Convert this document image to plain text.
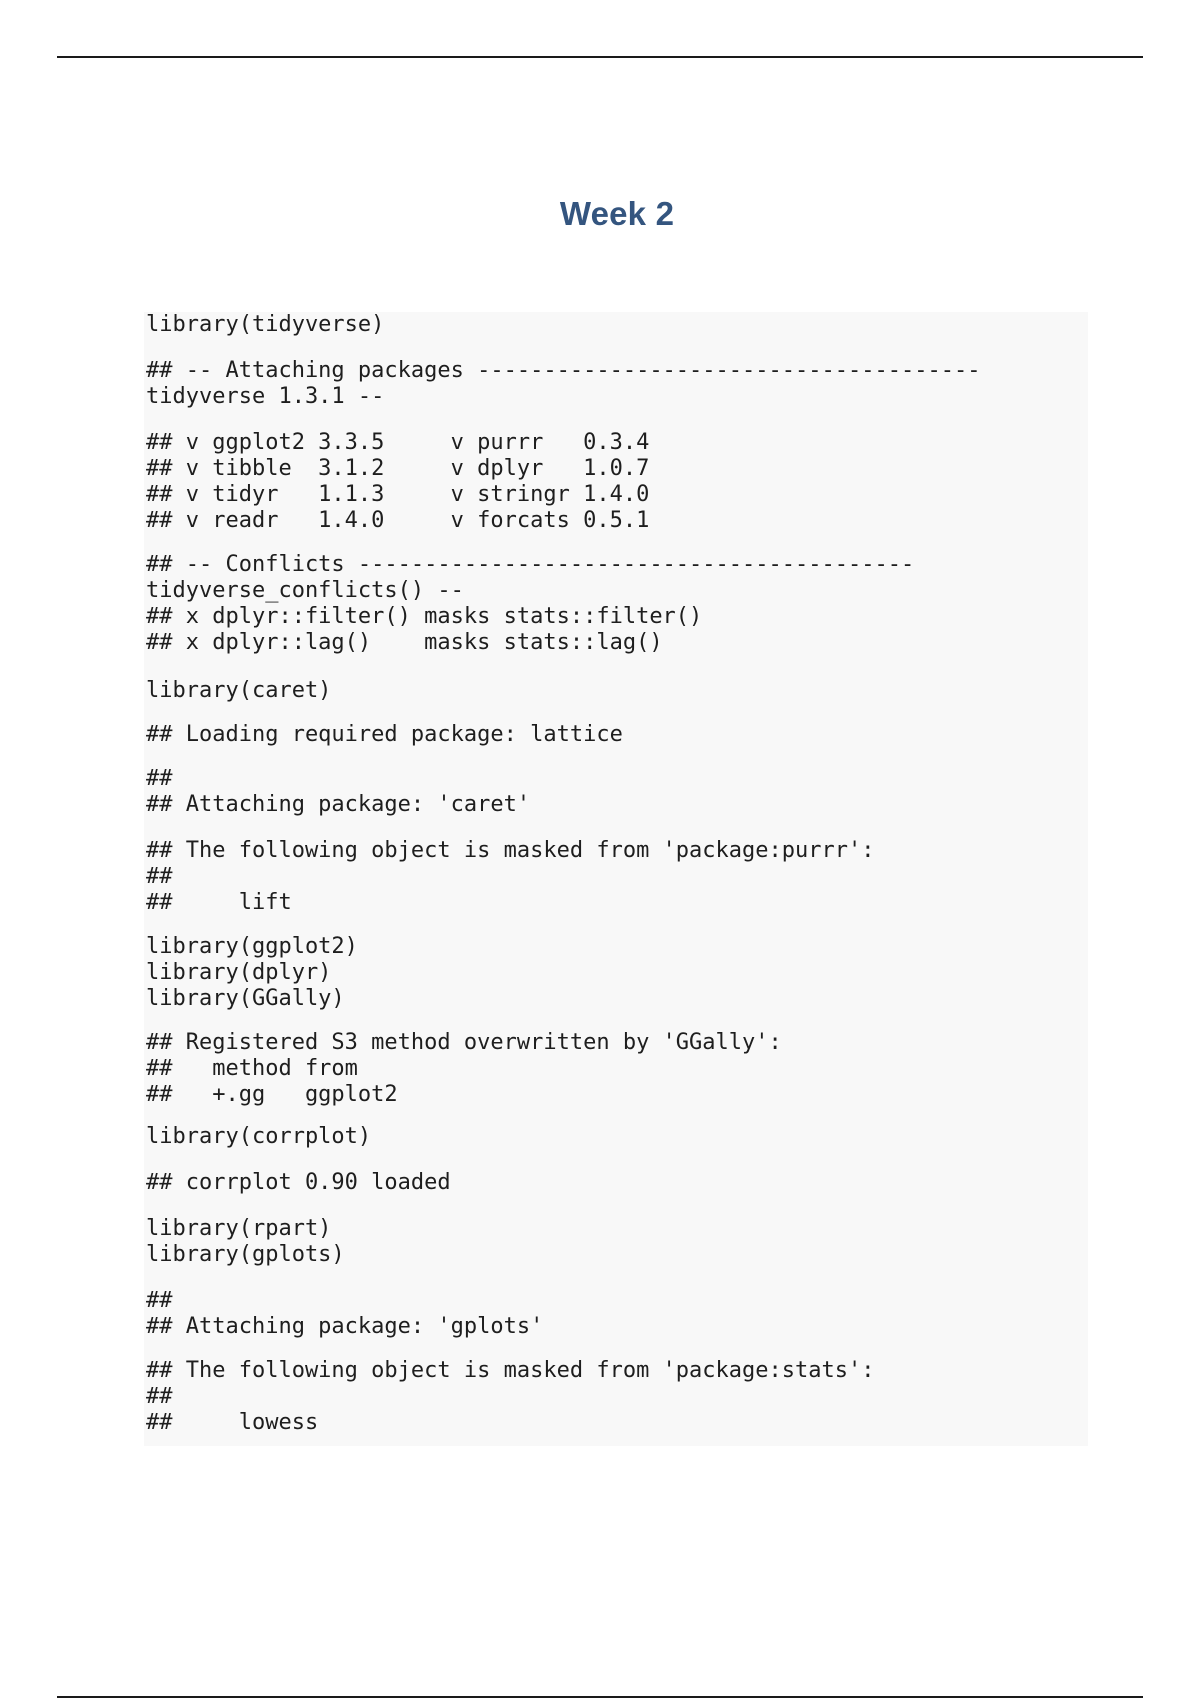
Week 2
library(tidyverse)
## -- Attaching packages --------------------------------------
tidyverse 1.3.1 --
## v ggplot2 3.3.5     v purrr   0.3.4
## v tibble  3.1.2     v dplyr   1.0.7
## v tidyr   1.1.3     v stringr 1.4.0
## v readr   1.4.0     v forcats 0.5.1
## -- Conflicts ------------------------------------------
tidyverse_conflicts() --
## x dplyr::filter() masks stats::filter()
## x dplyr::lag()    masks stats::lag()
library(caret)
## Loading required package: lattice
##
## Attaching package: 'caret'
## The following object is masked from 'package:purrr':
##
##     lift
library(ggplot2)
library(dplyr)
library(GGally)
## Registered S3 method overwritten by 'GGally':
##   method from
##   +.gg   ggplot2
library(corrplot)
## corrplot 0.90 loaded
library(rpart)
library(gplots)
##
## Attaching package: 'gplots'
## The following object is masked from 'package:stats':
##
##     lowess
